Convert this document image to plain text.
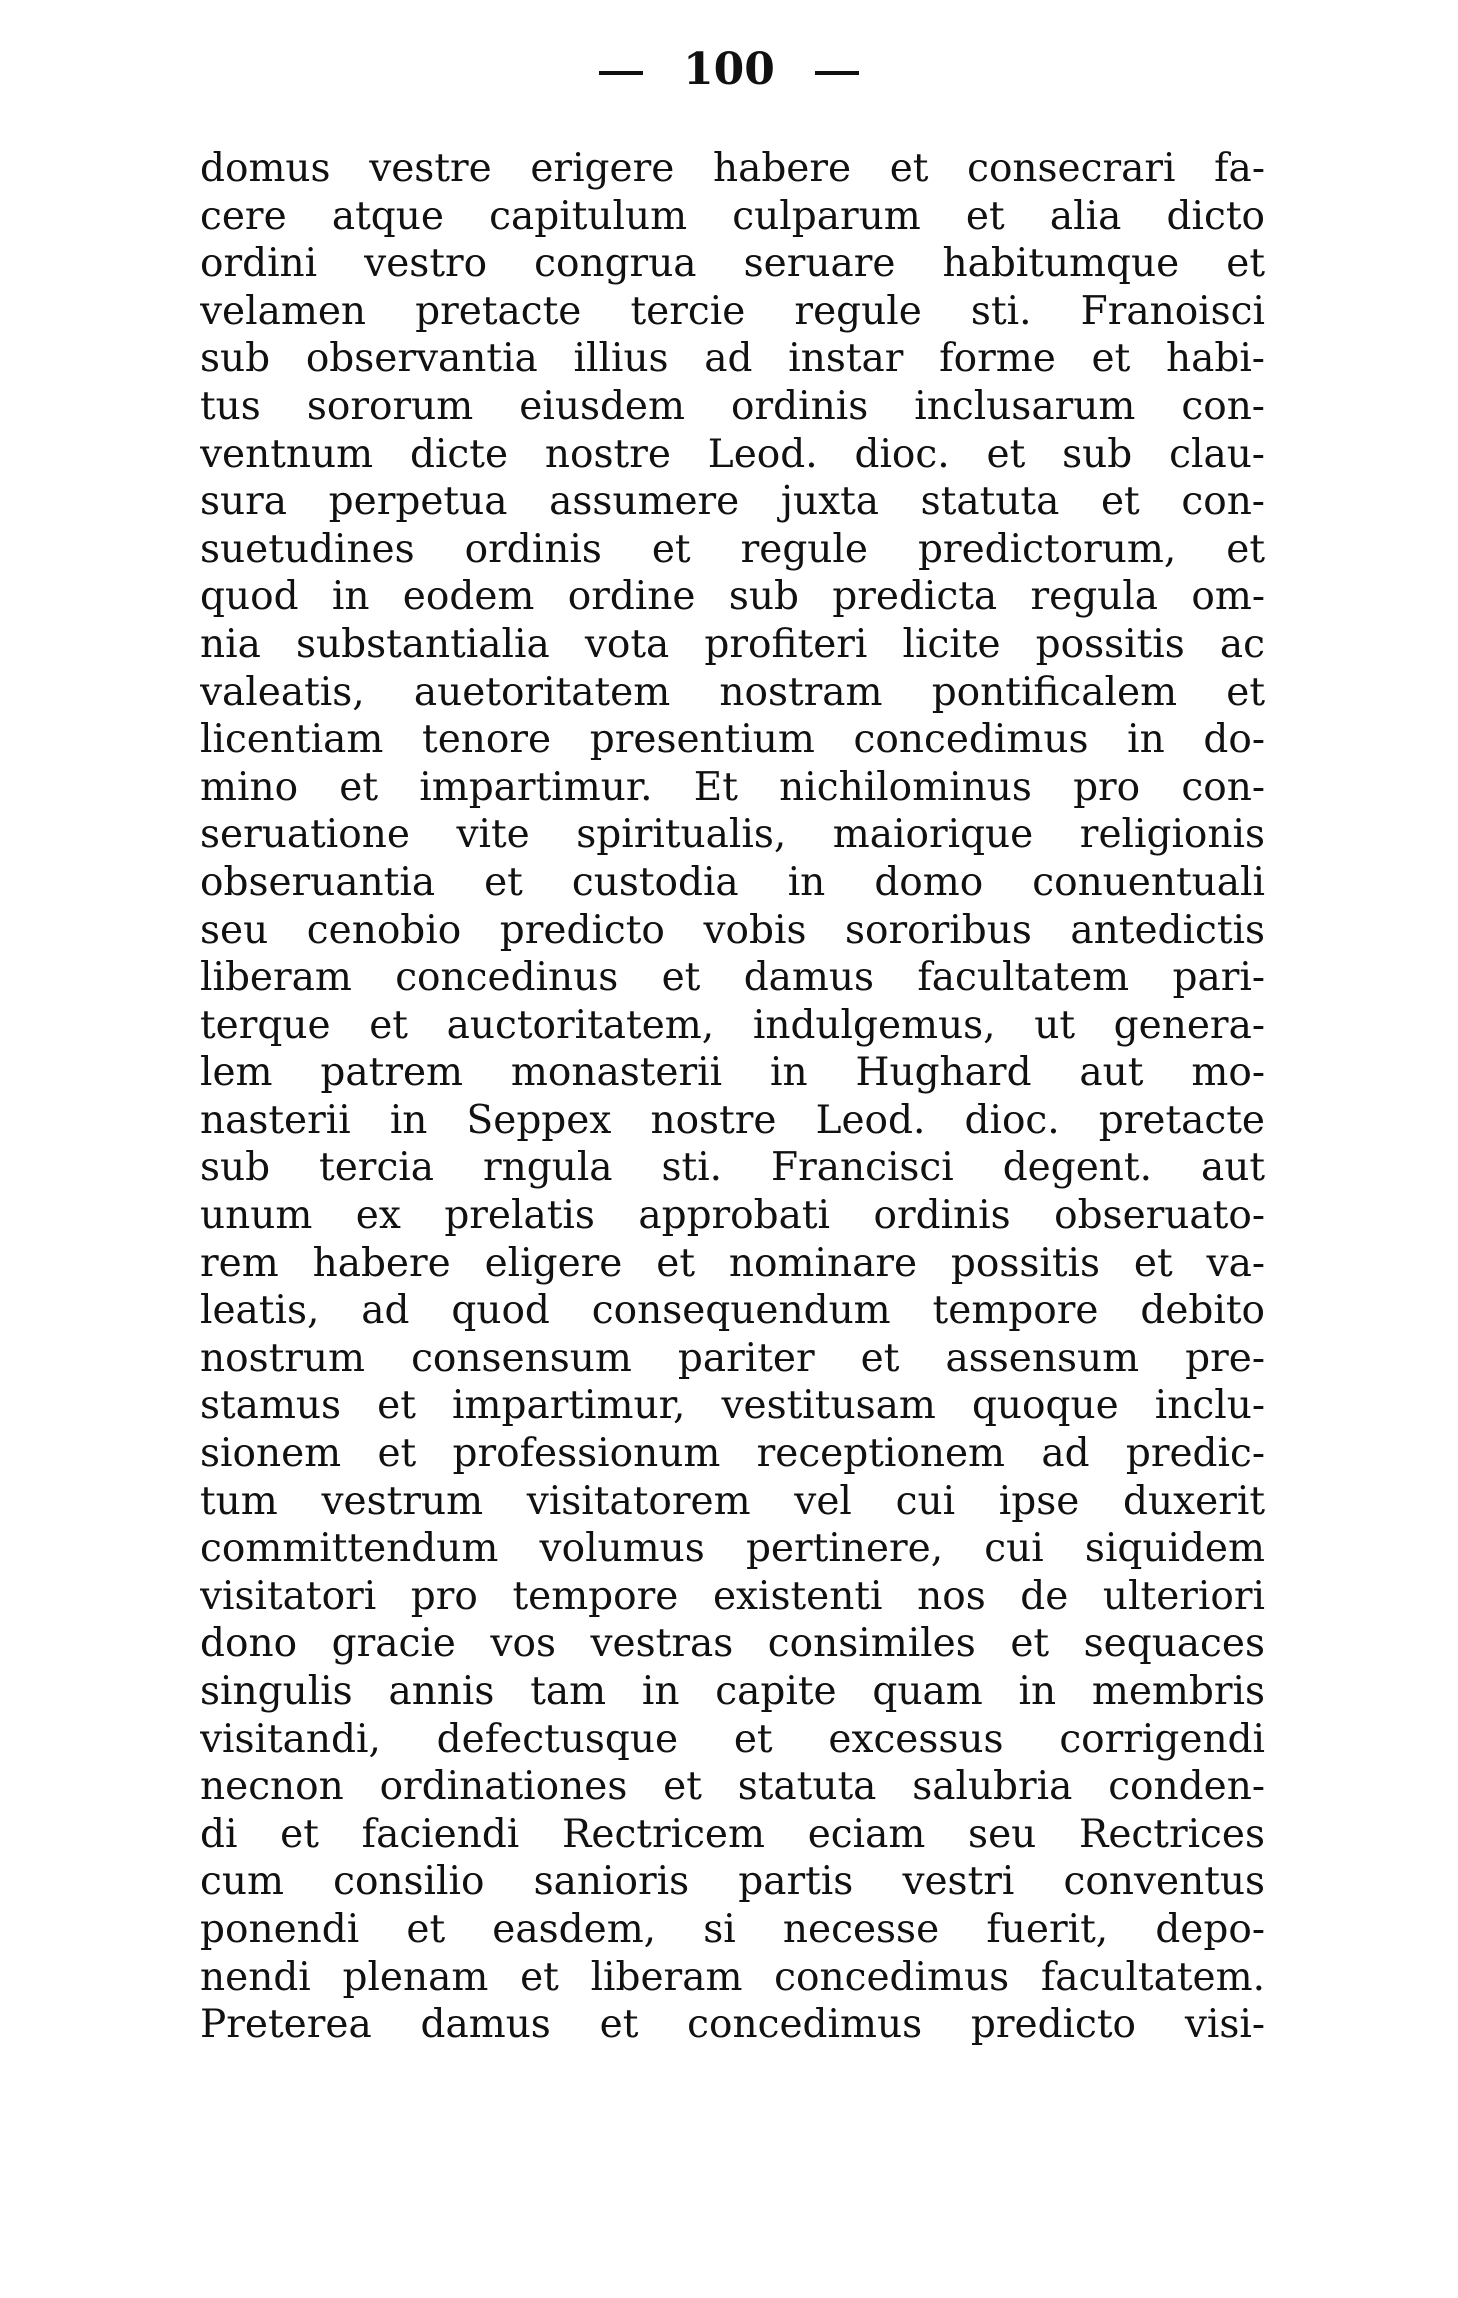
100
domus vestre erigere habere et consecrari fa-
cere atque capitulum culparum et alia dicto
ordini vestro congrua seruare habitumque et
velamen pretacte tercie regule sti. Franoisci
sub observantia illius ad instar forme et habi-
tus sororum eiusdem ordinis inclusarum con-
ventnum dicte nostre Leod. dioc. et sub clau-
sura perpetua assumere juxta statuta et con-
suetudines ordinis et regule predictorum, et
quod in eodem ordine sub predicta regula om-
nia substantialia vota profiteri licite possitis ac
valeatis, auetoritatem nostram pontificalem et
licentiam tenore presentium concedimus in do-
mino et impartimur. Et nichilominus pro con-
seruatione vite spiritualis, maiorique religionis
obseruantia et custodia in domo conuentuali
seu cenobio predicto vobis sororibus antedictis
liberam concedinus et damus facultatem pari-
terque et auctoritatem, indulgemus, ut genera-
lem patrem monasterii in Hughard aut mo-
nasterii in Seppex nostre Leod. dioc. pretacte
sub tercia rngula sti. Francisci degent. aut
unum ex prelatis approbati ordinis obseruato-
rem habere eligere et nominare possitis et va-
leatis, ad quod consequendum tempore debito
nostrum consensum pariter et assensum pre-
stamus et impartimur, vestitusam quoque inclu-
sionem et professionum receptionem ad predic-
tum vestrum visitatorem vel cui ipse duxerit
committendum volumus pertinere, cui siquidem
visitatori pro tempore existenti nos de ulteriori
dono gracie vos vestras consimiles et sequaces
singulis annis tam in capite quam in membris
visitandi, defectusque et excessus corrigendi
necnon ordinationes et statuta salubria conden-
di et faciendi Rectricem eciam seu Rectrices
cum consilio sanioris partis vestri conventus
ponendi et easdem, si necesse fuerit, depo-
nendi plenam et liberam concedimus facultatem.
Preterea damus et concedimus predicto visi-
